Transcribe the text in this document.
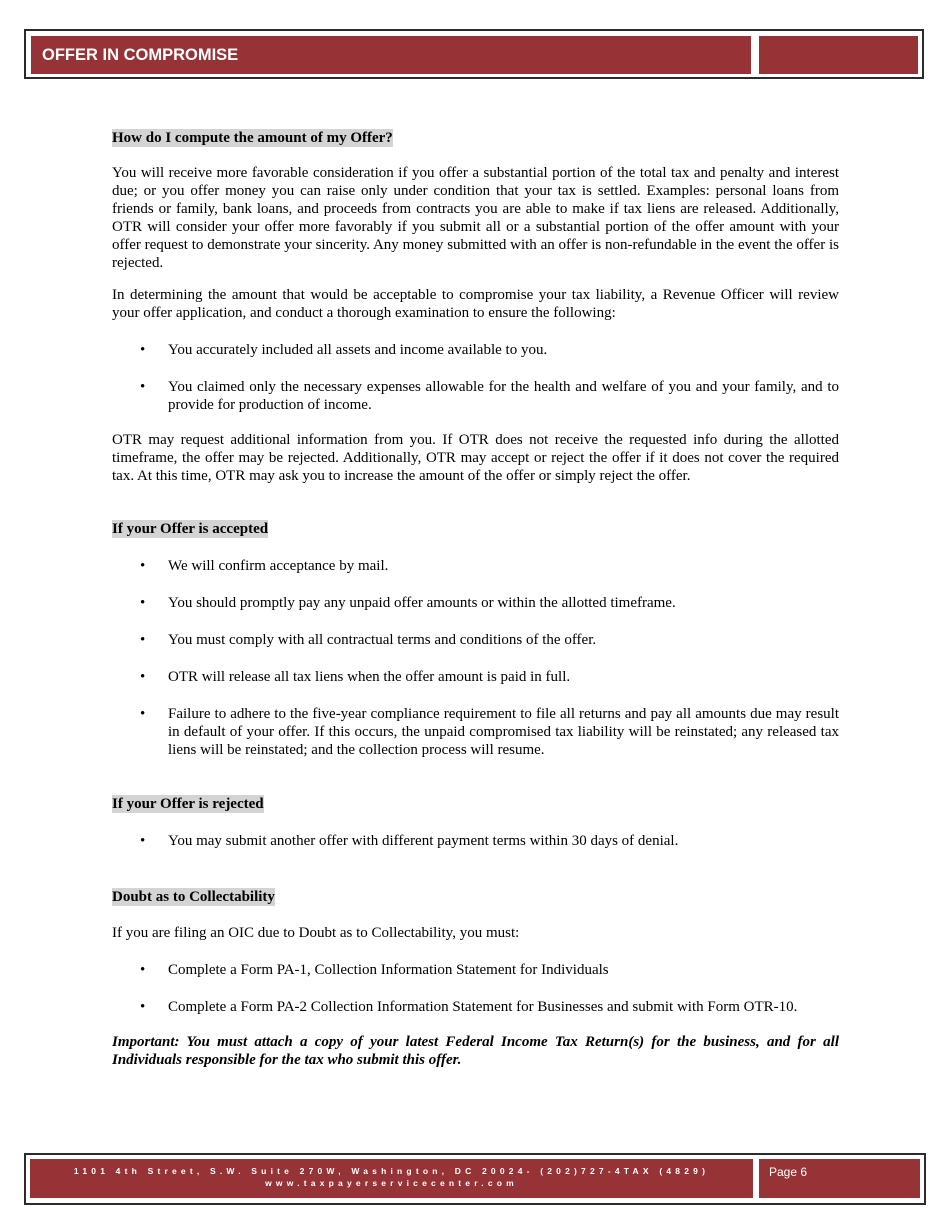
OFFER IN COMPROMISE
How do I compute the amount of my Offer?

You will receive more favorable consideration if you offer a substantial portion of the total tax and penalty and interest due; or you offer money you can raise only under condition that your tax is settled. Examples: personal loans from friends or family, bank loans, and proceeds from contracts you are able to make if tax liens are released. Additionally, OTR will consider your offer more favorably if you submit all or a substantial portion of the offer amount with your offer request to demonstrate your sincerity. Any money submitted with an offer is non-refundable in the event the offer is rejected.

In determining the amount that would be acceptable to compromise your tax liability, a Revenue Officer will review your offer application, and conduct a thorough examination to ensure the following:

• You accurately included all assets and income available to you.
• You claimed only the necessary expenses allowable for the health and welfare of you and your family, and to provide for production of income.

OTR may request additional information from you. If OTR does not receive the requested info during the allotted timeframe, the offer may be rejected. Additionally, OTR may accept or reject the offer if it does not cover the required tax. At this time, OTR may ask you to increase the amount of the offer or simply reject the offer.

If your Offer is accepted
• We will confirm acceptance by mail.
• You should promptly pay any unpaid offer amounts or within the allotted timeframe.
• You must comply with all contractual terms and conditions of the offer.
• OTR will release all tax liens when the offer amount is paid in full.
• Failure to adhere to the five-year compliance requirement to file all returns and pay all amounts due may result in default of your offer. If this occurs, the unpaid compromised tax liability will be reinstated; any released tax liens will be reinstated; and the collection process will resume.
If your Offer is rejected
• You may submit another offer with different payment terms within 30 days of denial.
Doubt as to Collectability

If you are filing an OIC due to Doubt as to Collectability, you must:

• Complete a Form PA-1, Collection Information Statement for Individuals
• Complete a Form PA-2 Collection Information Statement for Businesses and submit with Form OTR-10.

Important: You must attach a copy of your latest Federal Income Tax Return(s) for the business, and for all Individuals responsible for the tax who submit this offer.

1101 4th Street, S.W. Suite 270W, Washington, DC 20024- (202)727-4TAX (4829)
www.taxpayerservicecenter.com
Page 6
